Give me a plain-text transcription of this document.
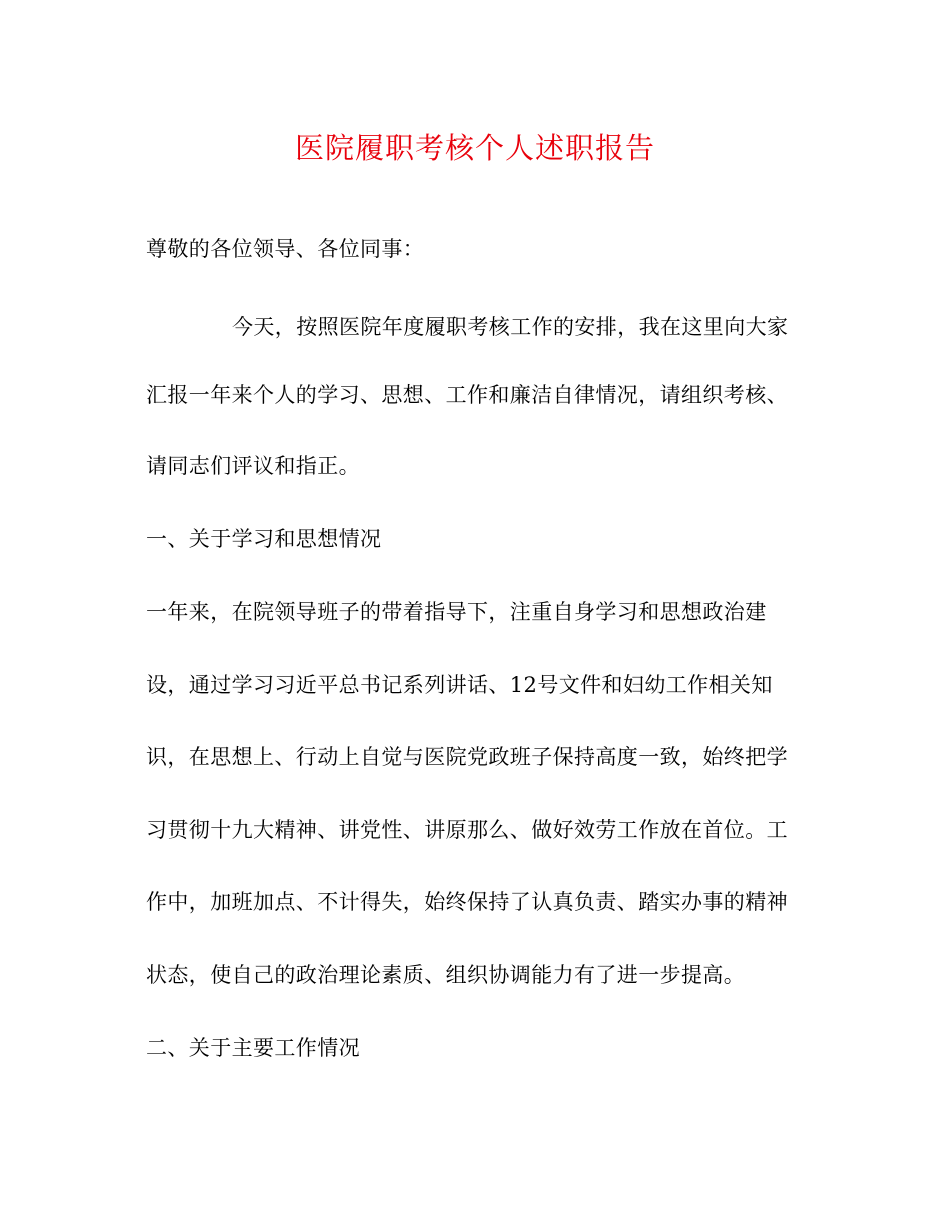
医院履职考核个人述职报告
尊敬的各位领导、各位同事：
今天，按照医院年度履职考核工作的安排，我在这里向大家
汇报一年来个人的学习、思想、工作和廉洁自律情况，请组织考核、
请同志们评议和指正。
一、关于学习和思想情况
一年来，在院领导班子的带着指导下，注重自身学习和思想政治建
设，通过学习习近平总书记系列讲话、12号文件和妇幼工作相关知
识，在思想上、行动上自觉与医院党政班子保持高度一致，始终把学
习贯彻十九大精神、讲党性、讲原那么、做好效劳工作放在首位。工
作中，加班加点、不计得失，始终保持了认真负责、踏实办事的精神
状态，使自己的政治理论素质、组织协调能力有了进一步提高。
二、关于主要工作情况
